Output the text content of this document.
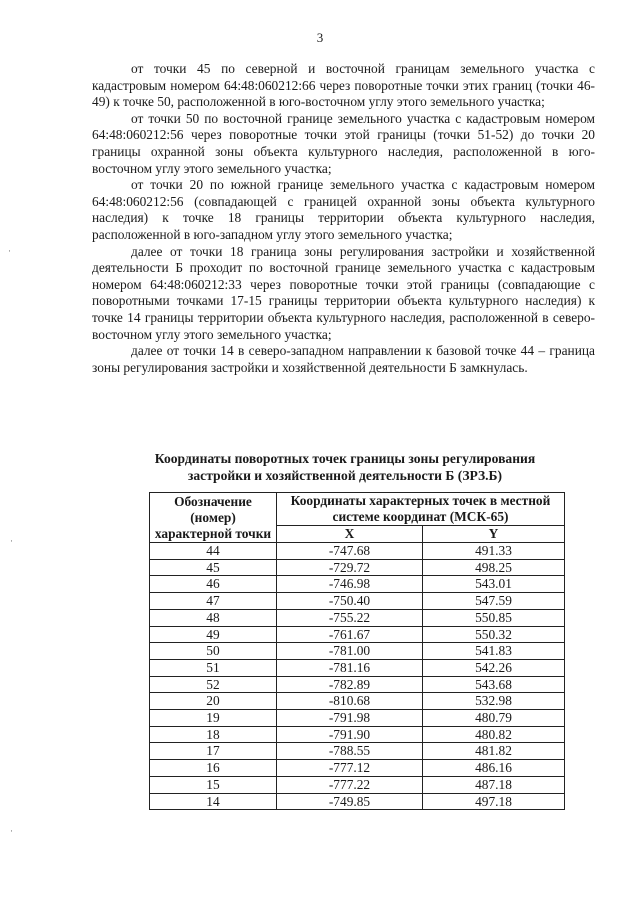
3

от точки 45 по северной и восточной границам земельного участка с кадастровым номером 64:48:060212:66 через поворотные точки этих границ (точки 46-49) к точке 50, расположенной в юго-восточном углу этого земельного участка;

от точки 50 по восточной границе земельного участка с кадастровым номером 64:48:060212:56 через поворотные точки этой границы (точки 51-52) до точки 20 границы охранной зоны объекта культурного наследия, расположенной в юго-восточном углу этого земельного участка;

от точки 20 по южной границе земельного участка с кадастровым номером 64:48:060212:56 (совпадающей с границей охранной зоны объекта культурного наследия) к точке 18 границы территории объекта культурного наследия, расположенной в юго-западном углу этого земельного участка;

далее от точки 18 граница зоны регулирования застройки и хозяйственной деятельности Б проходит по восточной границе земельного участка с кадастровым номером 64:48:060212:33 через поворотные точки этой границы (совпадающие с поворотными точками 17-15 границы территории объекта культурного наследия) к точке 14 границы территории объекта культурного наследия, расположенной в северо-восточном углу этого земельного участка;

далее от точки 14 в северо-западном направлении к базовой точке 44 – граница зоны регулирования застройки и хозяйственной деятельности Б замкнулась.

Координаты поворотных точек границы зоны регулирования
застройки и хозяйственной деятельности Б (ЗРЗ.Б)
Обозначение (номер) характерной точки	Координаты характерных точек в местной системе координат (МСК-65)	
	X	Y
44	-747.68	491.33
45	-729.72	498.25
46	-746.98	543.01
47	-750.40	547.59
48	-755.22	550.85
49	-761.67	550.32
50	-781.00	541.83
51	-781.16	542.26
52	-782.89	543.68
20	-810.68	532.98
19	-791.98	480.79
18	-791.90	480.82
17	-788.55	481.82
16	-777.12	486.16
15	-777.22	487.18
14	-749.85	497.18
·
·
·
